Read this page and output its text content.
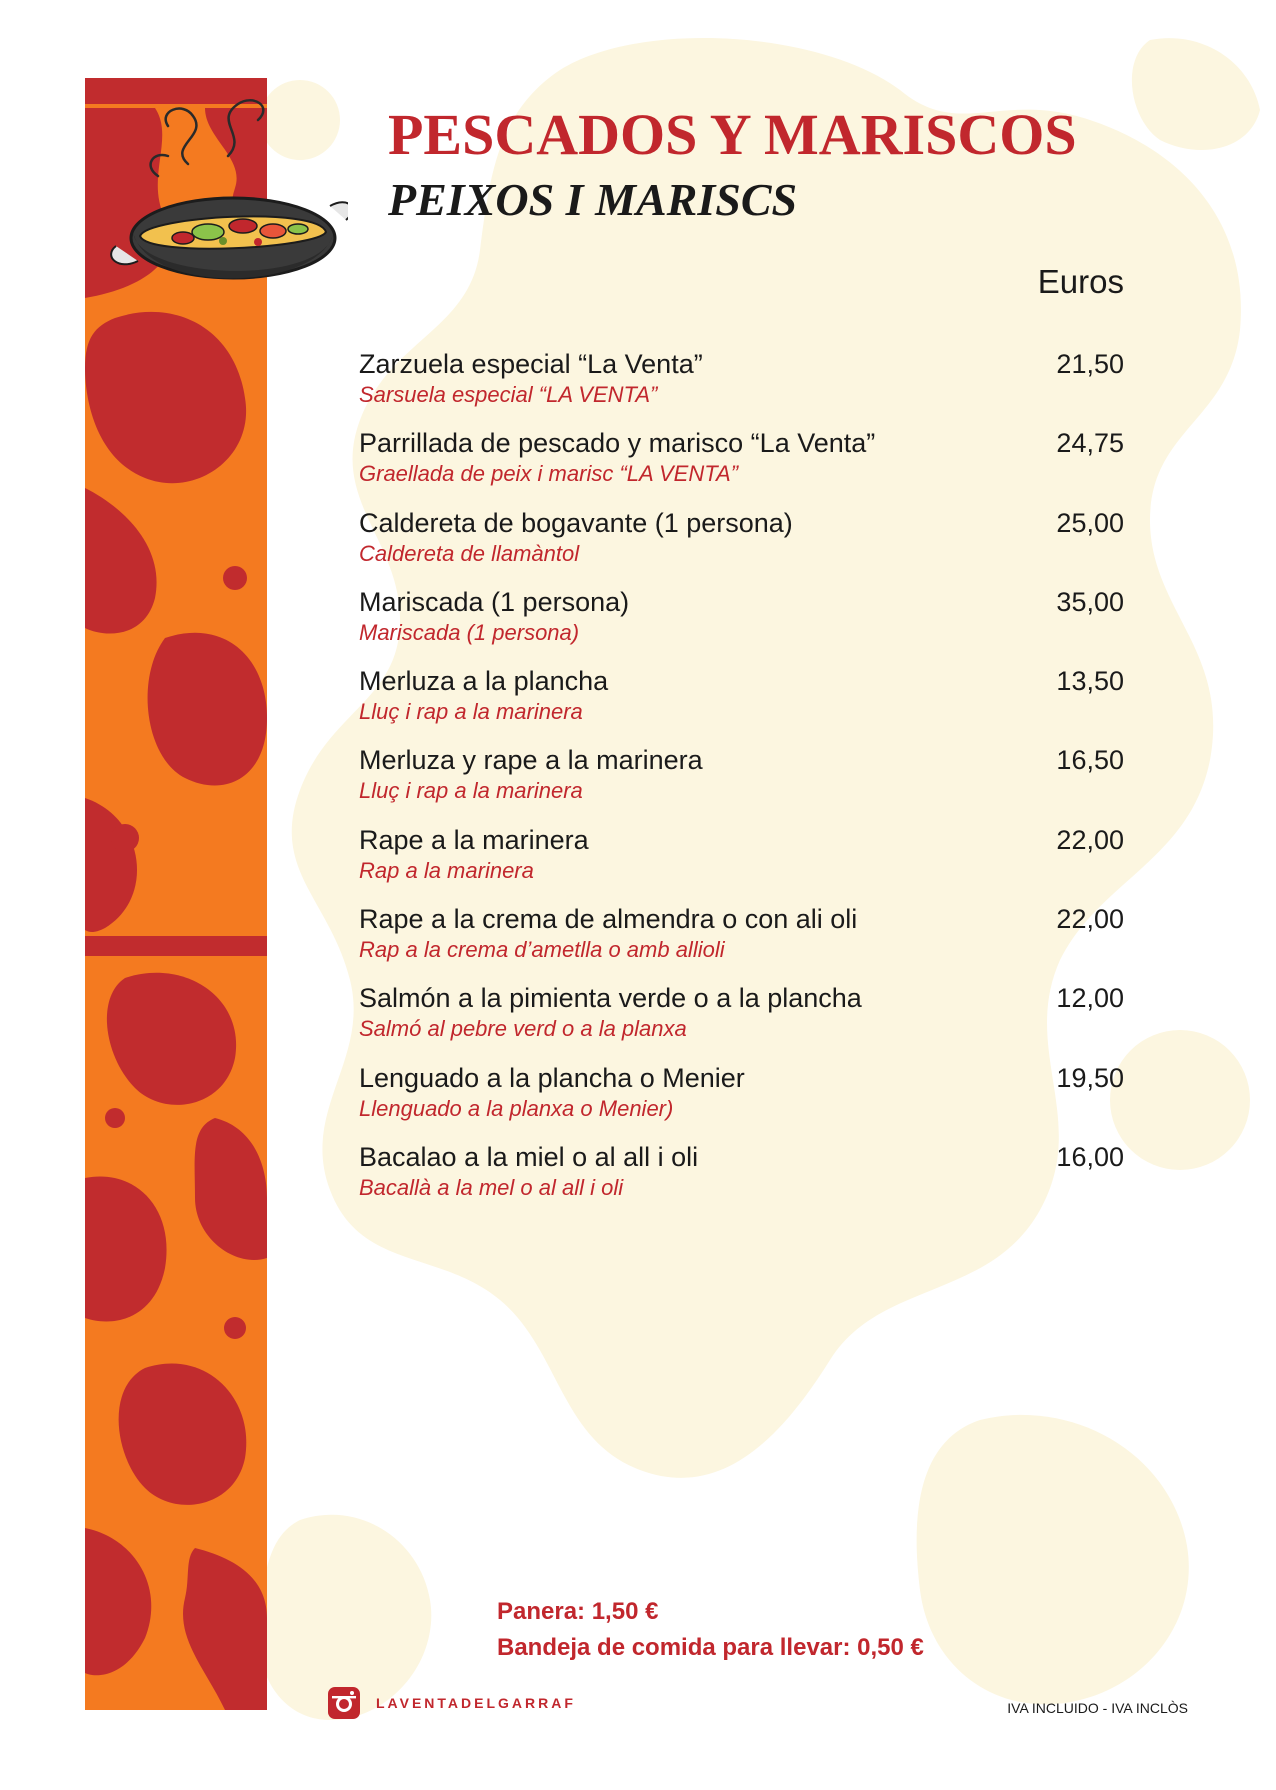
PESCADOS Y MARISCOS
PEIXOS I MARISCS
Euros
Zarzuela especial “La Venta”
Sarsuela especial “LA VENTA”
21,50
Parrillada de pescado y marisco “La Venta”
Graellada de peix i marisc “LA VENTA”
24,75
Caldereta de bogavante (1 persona)
Caldereta de llamàntol
25,00
Mariscada (1 persona)
Mariscada (1 persona)
35,00
Merluza a la plancha
Lluç i rap a la marinera
13,50
Merluza y rape a la marinera
Lluç i rap a la marinera
16,50
Rape a la marinera
Rap a la marinera
22,00
Rape a la crema de almendra o con ali oli
Rap a la crema d’ametlla o amb allioli
22,00
Salmón a la pimienta verde o a la plancha
Salmó al pebre verd o a la planxa
12,00
Lenguado a la plancha o Menier
Llenguado a la planxa o Menier)
19,50
Bacalao a la miel o al all i oli
Bacallà a la mel o al all i oli
16,00
Panera: 1,50 €
Bandeja de comida para llevar: 0,50 €
LAVENTADELGARRAF	IVA INCLUIDO - IVA INCLÒS
